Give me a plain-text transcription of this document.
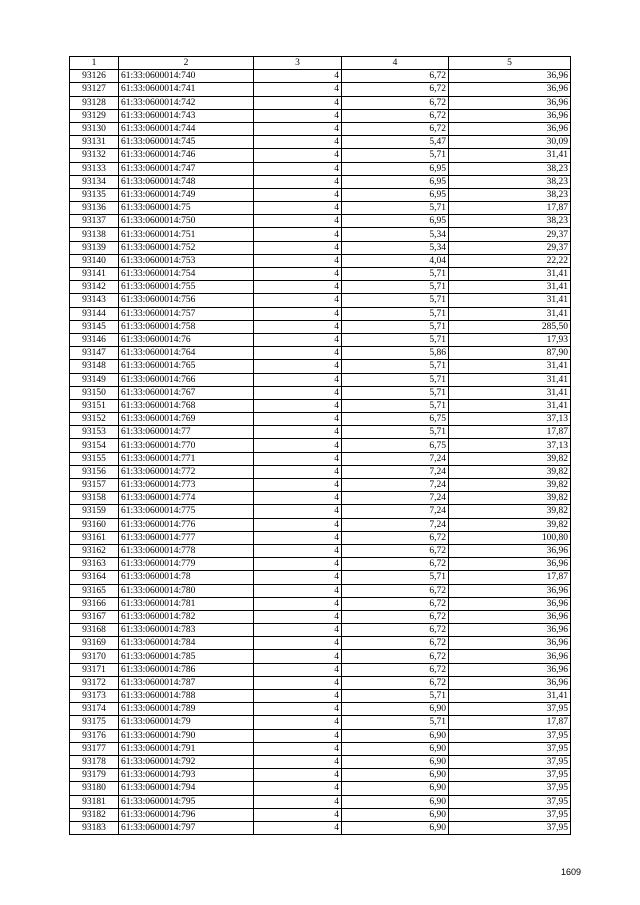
1	2	3	4	5
93126	61:33:0600014:740	4	6,72	36,96
93127	61:33:0600014:741	4	6,72	36,96
93128	61:33:0600014:742	4	6,72	36,96
93129	61:33:0600014:743	4	6,72	36,96
93130	61:33:0600014:744	4	6,72	36,96
93131	61:33:0600014:745	4	5,47	30,09
93132	61:33:0600014:746	4	5,71	31,41
93133	61:33:0600014:747	4	6,95	38,23
93134	61:33:0600014:748	4	6,95	38,23
93135	61:33:0600014:749	4	6,95	38,23
93136	61:33:0600014:75	4	5,71	17,87
93137	61:33:0600014:750	4	6,95	38,23
93138	61:33:0600014:751	4	5,34	29,37
93139	61:33:0600014:752	4	5,34	29,37
93140	61:33:0600014:753	4	4,04	22,22
93141	61:33:0600014:754	4	5,71	31,41
93142	61:33:0600014:755	4	5,71	31,41
93143	61:33:0600014:756	4	5,71	31,41
93144	61:33:0600014:757	4	5,71	31,41
93145	61:33:0600014:758	4	5,71	285,50
93146	61:33:0600014:76	4	5,71	17,93
93147	61:33:0600014:764	4	5,86	87,90
93148	61:33:0600014:765	4	5,71	31,41
93149	61:33:0600014:766	4	5,71	31,41
93150	61:33:0600014:767	4	5,71	31,41
93151	61:33:0600014:768	4	5,71	31,41
93152	61:33:0600014:769	4	6,75	37,13
93153	61:33:0600014:77	4	5,71	17,87
93154	61:33:0600014:770	4	6,75	37,13
93155	61:33:0600014:771	4	7,24	39,82
93156	61:33:0600014:772	4	7,24	39,82
93157	61:33:0600014:773	4	7,24	39,82
93158	61:33:0600014:774	4	7,24	39,82
93159	61:33:0600014:775	4	7,24	39,82
93160	61:33:0600014:776	4	7,24	39,82
93161	61:33:0600014:777	4	6,72	100,80
93162	61:33:0600014:778	4	6,72	36,96
93163	61:33:0600014:779	4	6,72	36,96
93164	61:33:0600014:78	4	5,71	17,87
93165	61:33:0600014:780	4	6,72	36,96
93166	61:33:0600014:781	4	6,72	36,96
93167	61:33:0600014:782	4	6,72	36,96
93168	61:33:0600014:783	4	6,72	36,96
93169	61:33:0600014:784	4	6,72	36,96
93170	61:33:0600014:785	4	6,72	36,96
93171	61:33:0600014:786	4	6,72	36,96
93172	61:33:0600014:787	4	6,72	36,96
93173	61:33:0600014:788	4	5,71	31,41
93174	61:33:0600014:789	4	6,90	37,95
93175	61:33:0600014:79	4	5,71	17,87
93176	61:33:0600014:790	4	6,90	37,95
93177	61:33:0600014:791	4	6,90	37,95
93178	61:33:0600014:792	4	6,90	37,95
93179	61:33:0600014:793	4	6,90	37,95
93180	61:33:0600014:794	4	6,90	37,95
93181	61:33:0600014:795	4	6,90	37,95
93182	61:33:0600014:796	4	6,90	37,95
93183	61:33:0600014:797	4	6,90	37,95
1609
